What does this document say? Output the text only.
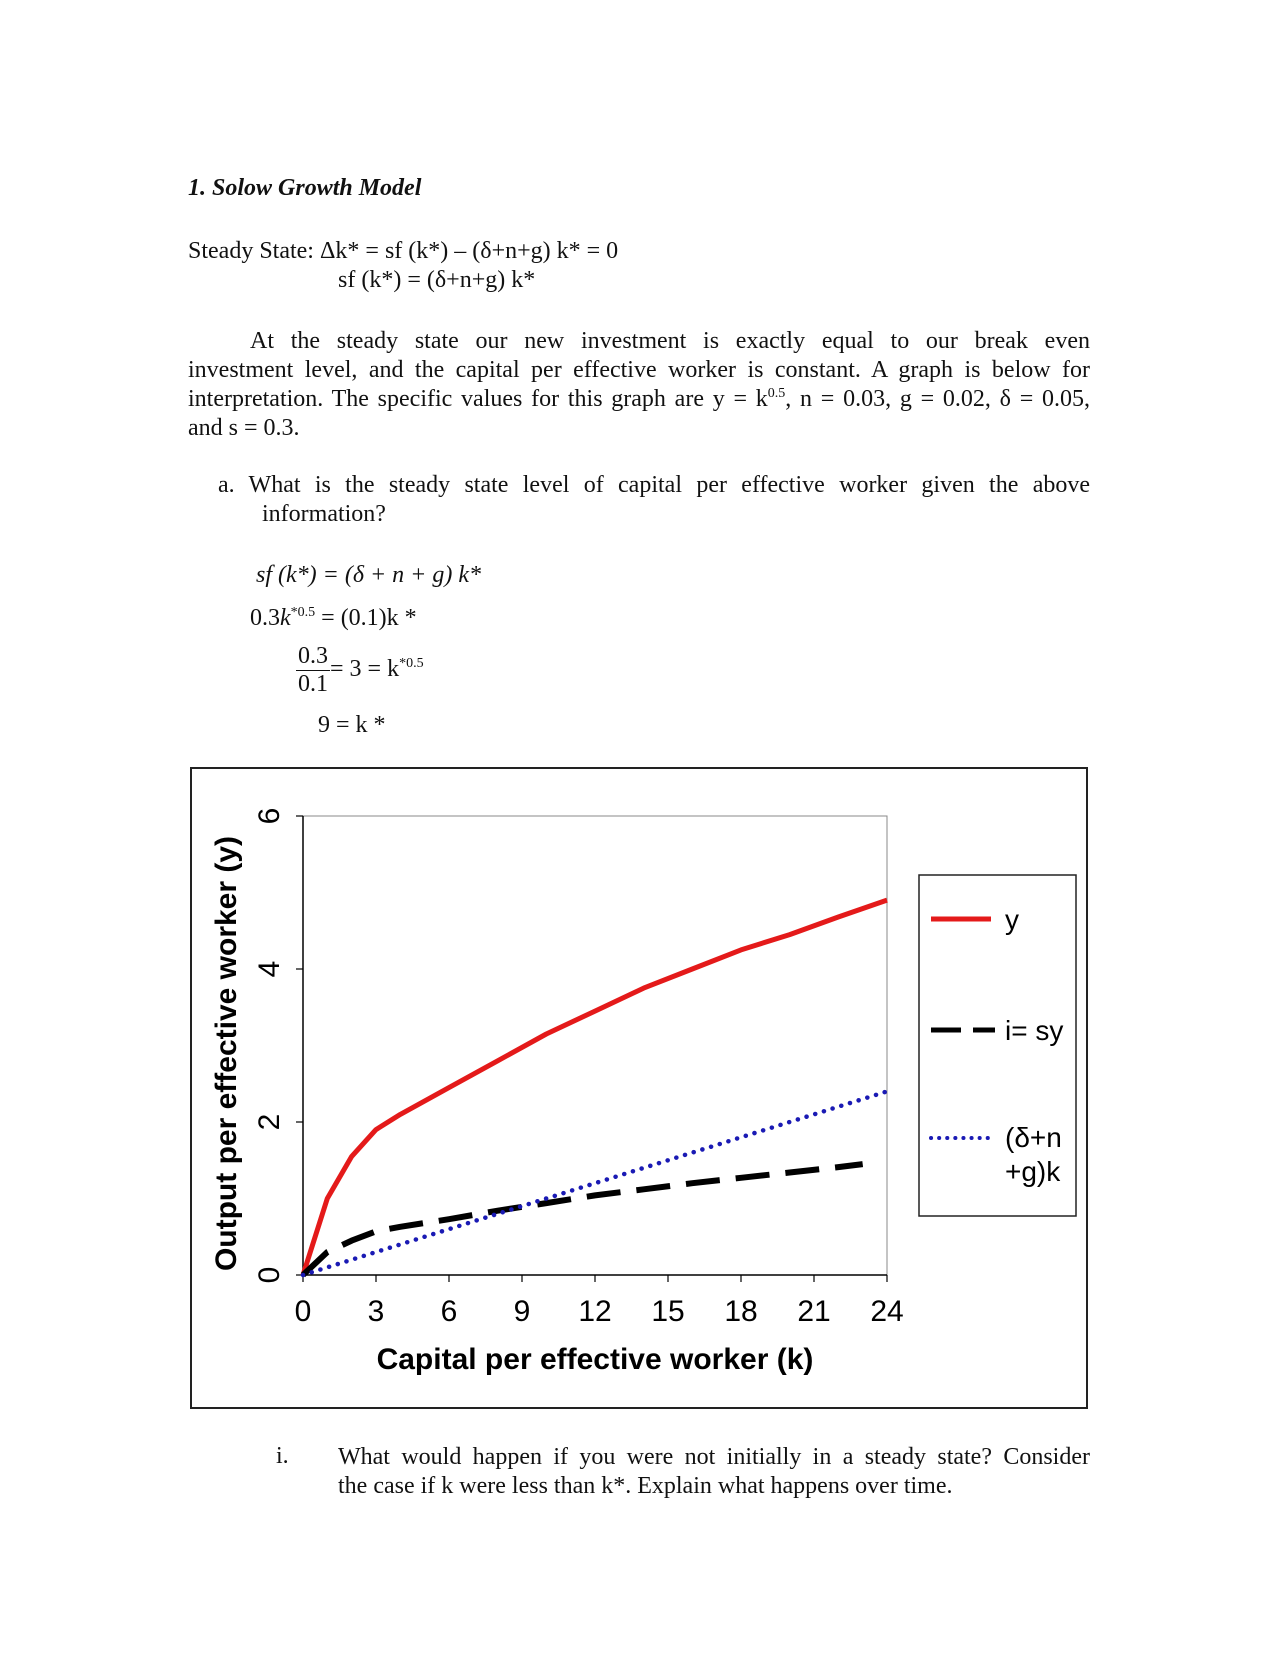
1. Solow Growth Model
Steady State: Δk* = sf (k*) – (δ+n+g) k* = 0
sf (k*) = (δ+n+g) k*

At the steady state our new investment is exactly equal to our break even

investment level, and the capital per effective worker is constant. A graph is below for

interpretation. The specific values for this graph are $y = k^{0.5}$, n = 0.03, g = 0.02, δ = 0.05,

and s = 0.3.

a. What is the steady state level of capital per effective worker given the above
information?
sf (k*) = (δ + n + g) k*
$0.3k^{*0.5} = (0.1)k$ *
$\frac{0.3}{0.1} = 3 = k^{*0.5}$
9 = k *
0 3 6 9 12 15 18 21 24
0
2
4
6
Capital per effective worker (k)
Output per effective worker (y)	y
i= sy
(δ+n
+g)k
i. What would happen if you were not initially in a steady state? Consider
the case if k were less than k*. Explain what happens over time.
